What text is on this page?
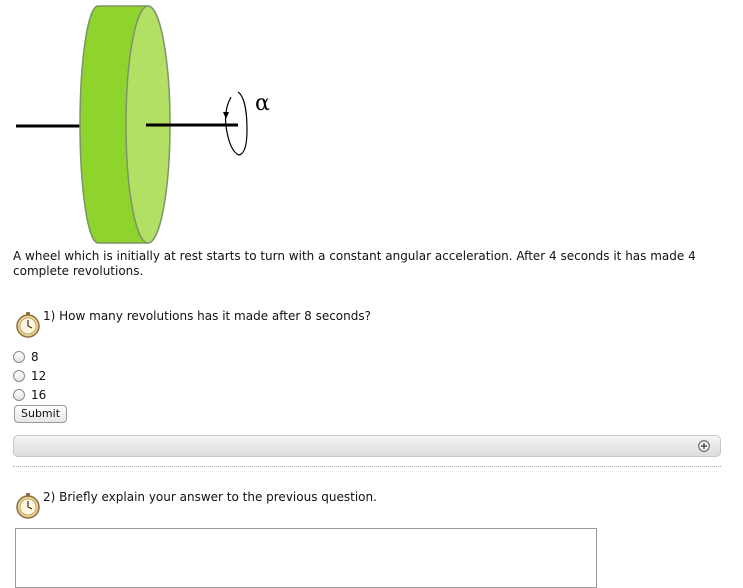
α
A wheel which is initially at rest starts to turn with a constant angular acceleration. After 4 seconds it has made 4 complete revolutions.
1) How many revolutions has it made after 8 seconds?
8
12
16
Submit
2) Briefly explain your answer to the previous question.
